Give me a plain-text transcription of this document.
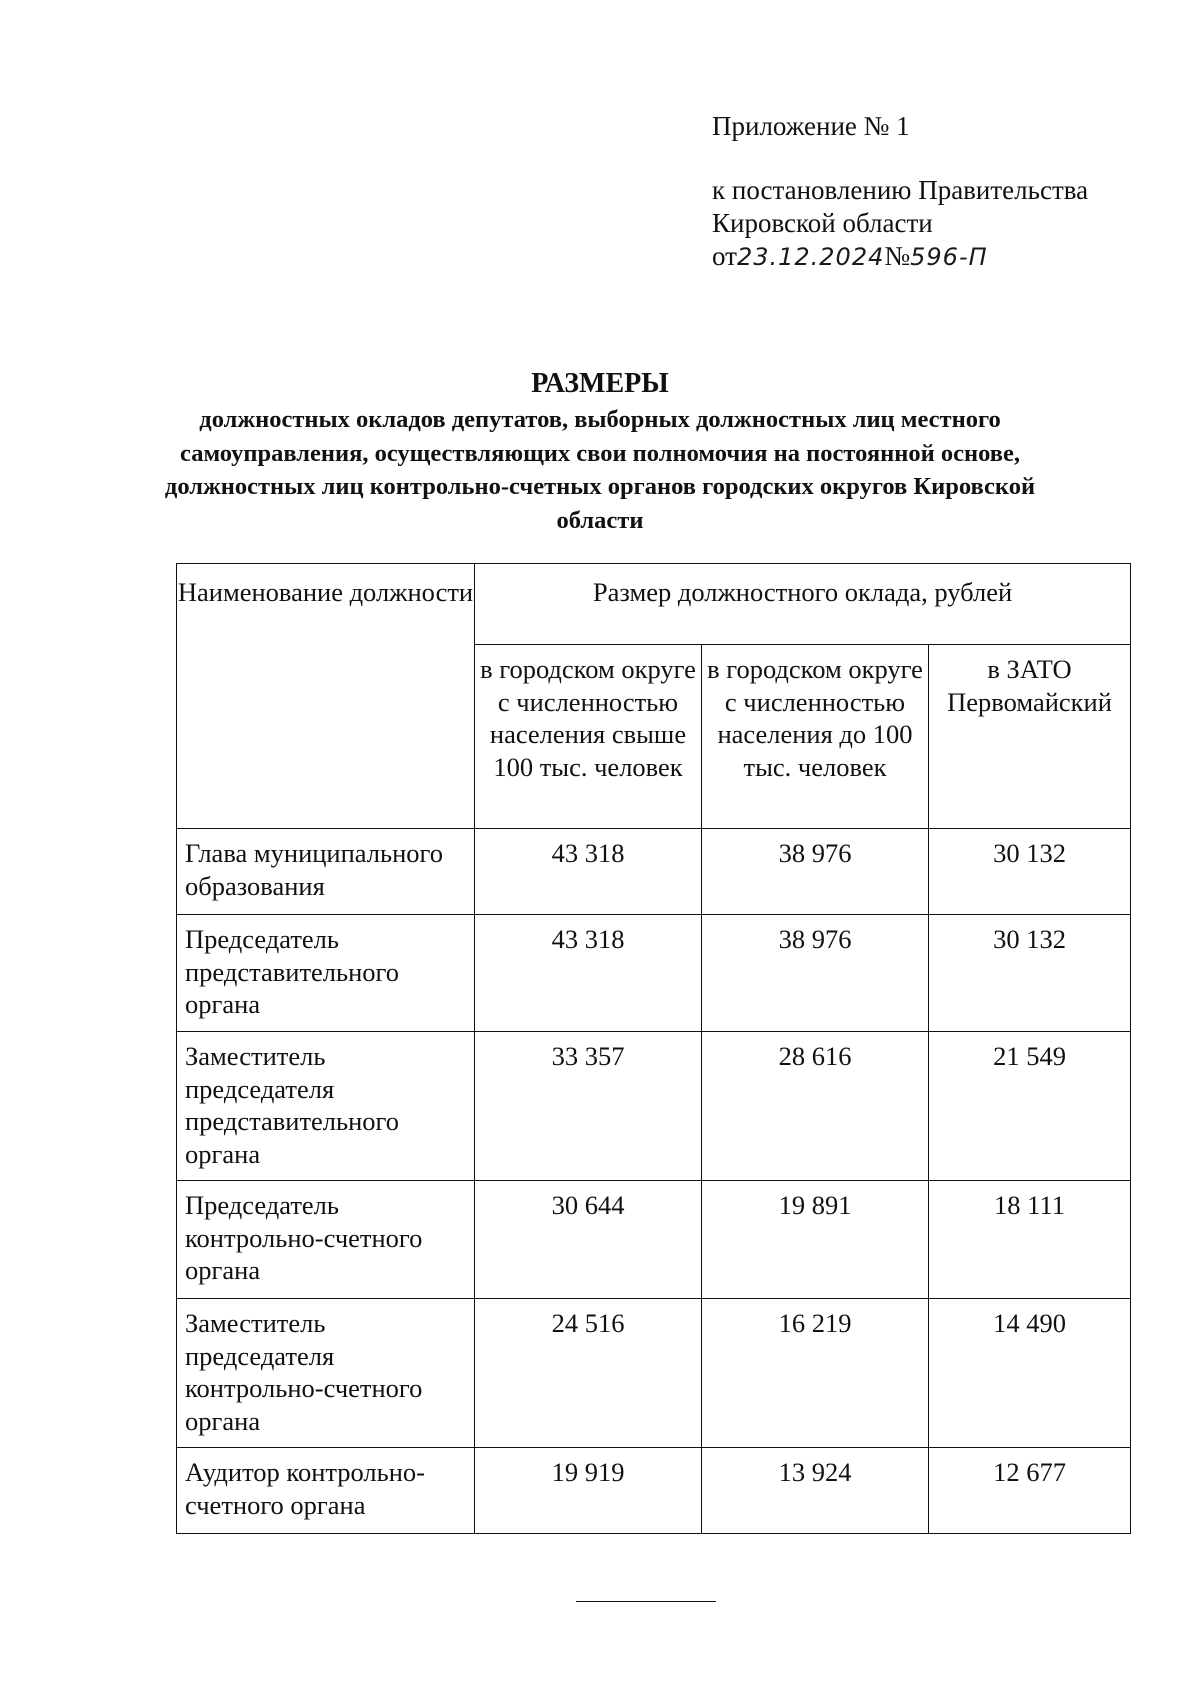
Приложение № 1
к постановлению Правительства
Кировской области
от23.12.2024№596-П
РАЗМЕРЫ
должностных окладов депутатов, выборных должностных лиц местного самоуправления, осуществляющих свои полномочия на постоянной основе, должностных лиц контрольно-счетных органов городских округов Кировской области
Наименование должности	Размер должностного оклада, рублей		
	в городском округе с численностью населения свыше 100 тыс. человек	в городском округе с численностью населения до 100 тыс. человек	в ЗАТО Первомайский
Глава муниципального образования	43 318	38 976	30 132
Председатель представительного органа	43 318	38 976	30 132
Заместитель председателя представительного органа	33 357	28 616	21 549
Председатель контрольно-счетного органа	30 644	19 891	18 111
Заместитель председателя контрольно-счетного органа	24 516	16 219	14 490
Аудитор контрольно-счетного органа	19 919	13 924	12 677
